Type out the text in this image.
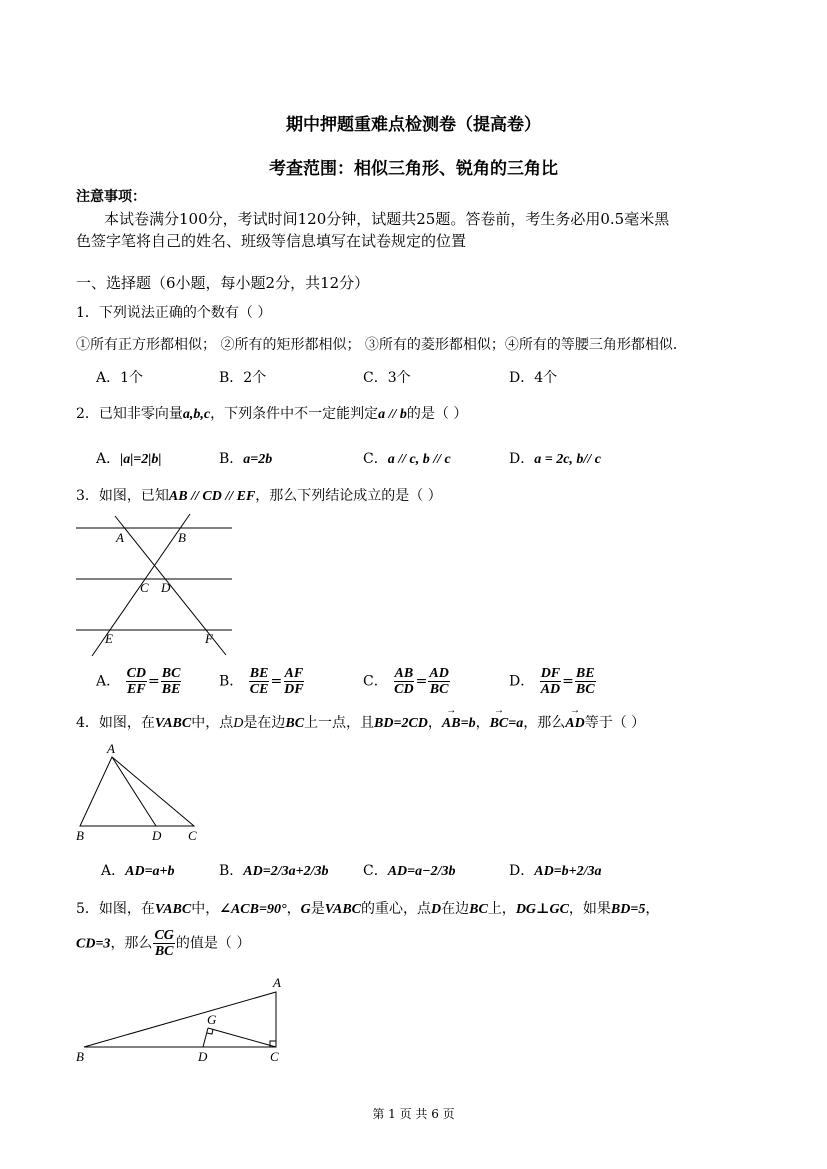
期中押题重难点检测卷（提高卷）
考查范围：相似三角形、锐角的三角比
注意事项：
本试卷满分100分，考试时间120分钟，试题共25题。答卷前，考生务必用0.5毫米黑
色签字笔将自己的姓名、班级等信息填写在试卷规定的位置
一、选择题（6小题，每小题2分，共12分）
1．下列说法正确的个数有（ ）
①所有正方形都相似； ②所有的矩形都相似； ③所有的菱形都相似；④所有的等腰三角形都相似．
A．1个	B．2个	C．3个	D．4个
2．已知非零向量a,b,c，下列条件中不一定能判定a // b的是（ ）
A．|a|=2|b|	B．a=2b	C．a // c, b // c	D．a = 2c, b// c
3．如图，已知AB // CD // EF，那么下列结论成立的是（ ）
A	B
C D
E	F
A． $\frac{CD}{EF} = \frac{BC}{BE}$	B． $\frac{BE}{CE} = \frac{AF}{DF}$	C． $\frac{AB}{CD} = \frac{AD}{BC}$	D． $\frac{DF}{AD} = \frac{BE}{BC}$
4．如图，在VABC中，点D是在边BC上一点，且BD=2CD，→ AB=b，→ BC=a，那么→ AD等于（ ）
A
B	D C
A．AD=a+b	B．AD=2/3a+2/3b C．AD=a−2/3b	D．AD=b+2/3a
5．如图，在VABC中，∠ACB=90°，G是VABC的重心，点D在边BC上，DG⊥GC，如果BD=5，
CD=3，那么 $\frac{CG}{BC}$ 的值是（ ）
A
G
B	D	C
第 1 页 共 6 页
